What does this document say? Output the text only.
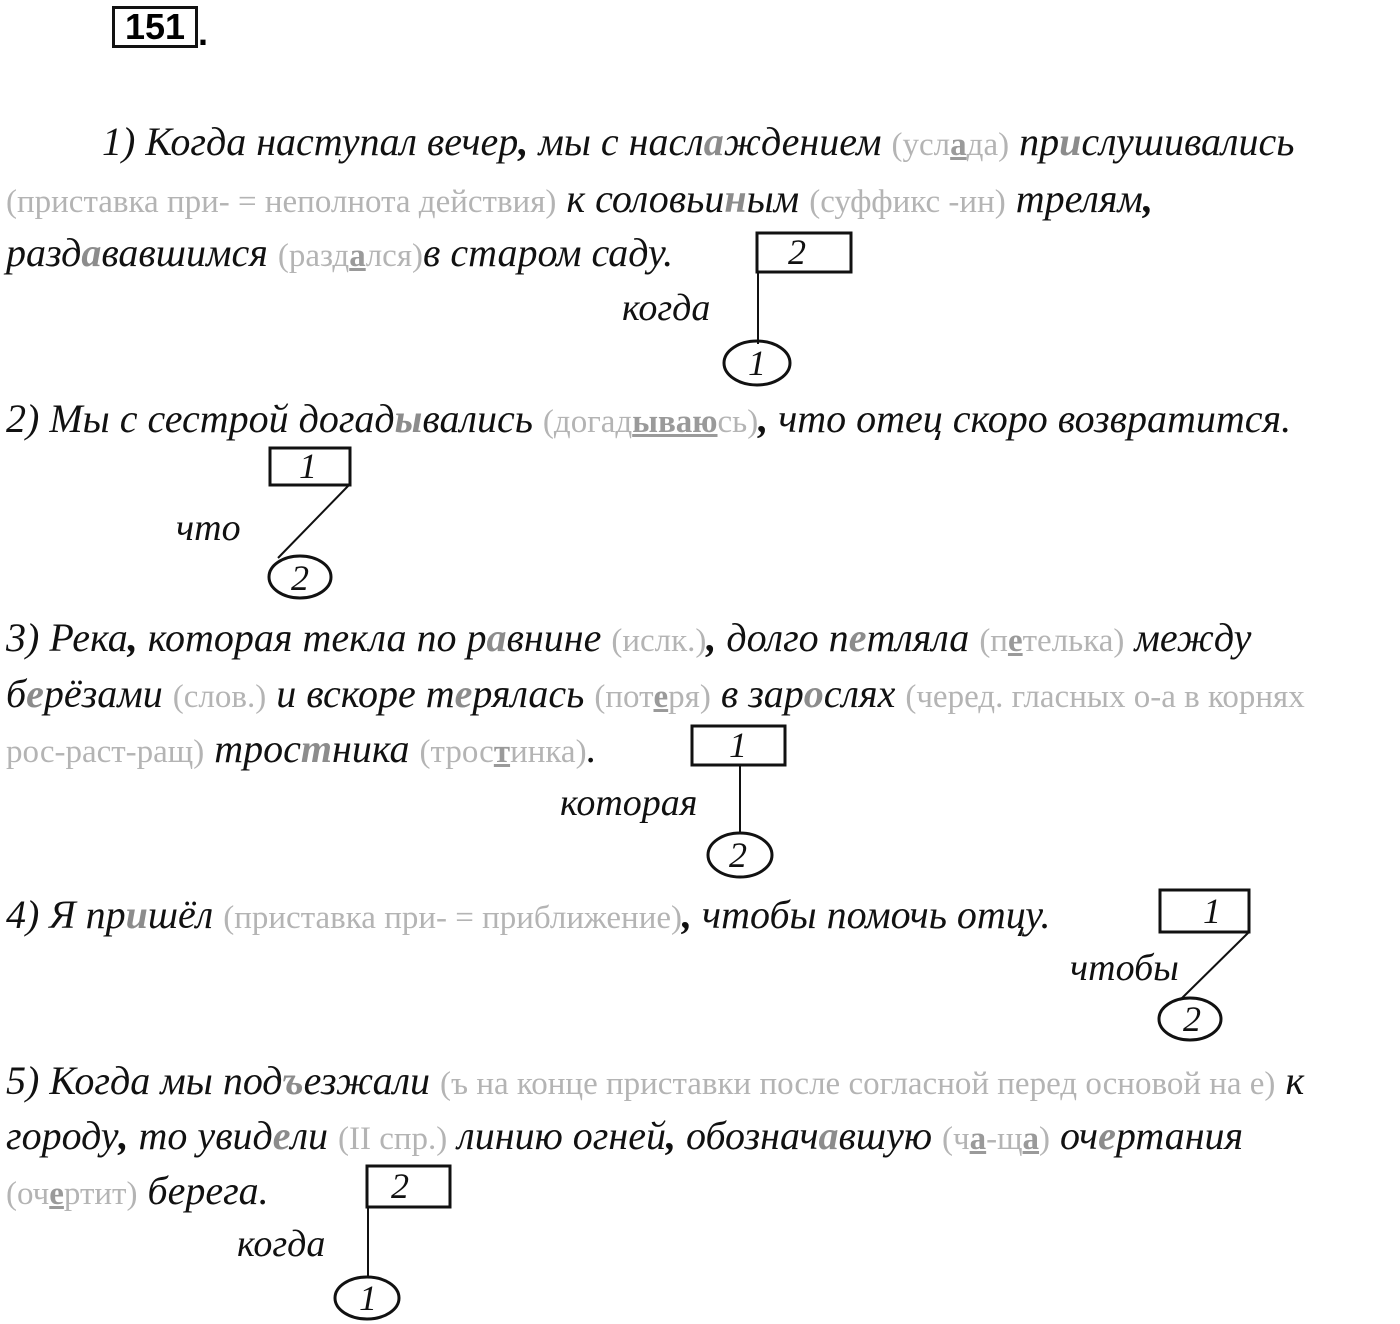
151 .
1) Когда наступал вечер, мы с наслаждением (услада) прислушивались
(приставка при- = неполнота действия) к соловьиным (суффикс -ин) трелям,
раздававшимся (раздался)в старом саду.
2) Мы с сестрой догадывались (догадываюсь), что отец скоро возвратится.
3) Река, которая текла по равнине (ислк.), долго петляла (петелька) между
берёзами (слов.) и вскоре терялась (потеря) в зарослях (черед. гласных о-а в корнях
рос-раст-ращ) тростника (тростинка).
4) Я пришёл (приставка при- = приближение), чтобы помочь отцу.
5) Когда мы подъезжали (ъ на конце приставки после согласной перед основой на е) к
городу, то увидели (II спр.) линию огней, обозначавшую (ча-ща) очертания
(очертит) берега.
когда
что
которая
чтобы
когда
2
1
1
2
1
2
1
2
2
1
